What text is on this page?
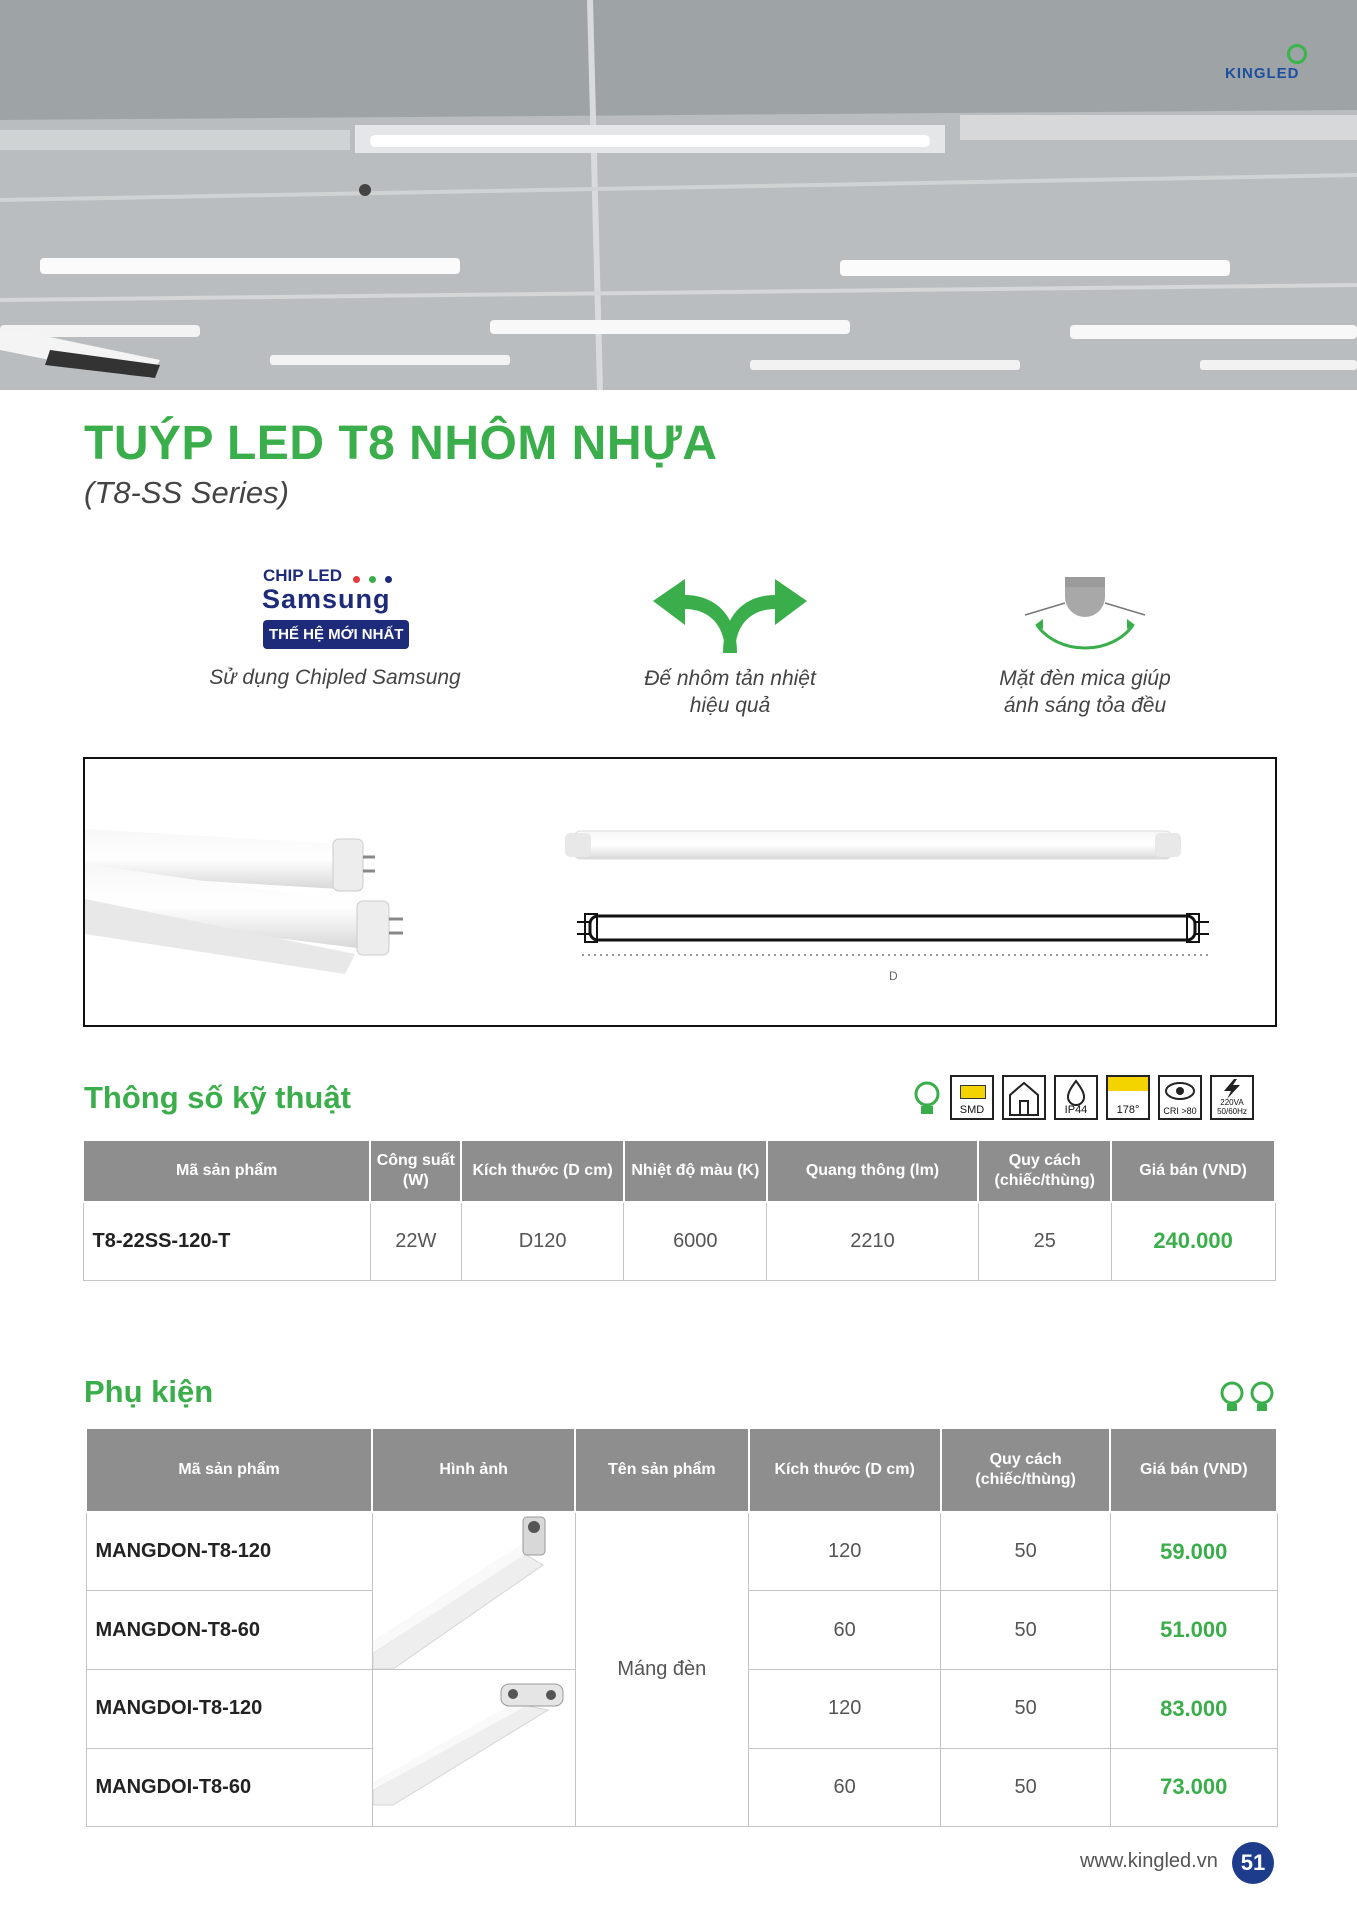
KINGLED
TUÝP LED T8 NHÔM NHỰA
(T8-SS Series)
CHIP LED
Samsung
THẾ HỆ MỚI NHẤT
Sử dụng Chipled Samsung	Đế nhôm tản nhiệt
hiệu quả
Mặt đèn mica giúp
ánh sáng tỏa đều
D
Thông số kỹ thuật	SMD	IP44	178°	CRI >80
220VA 50/60Hz
Mã sản phẩm	Công suất (W)	Kích thước (D cm)	Nhiệt độ màu (K)	Quang thông (lm)	Quy cách (chiếc/thùng)	Giá bán (VND)
T8-22SS-120-T	22W	D120	6000	2210	25	240.000
Phụ kiện
Mã sản phẩm	Hình ảnh	Tên sản phẩm	Kích thước (D cm)	Quy cách (chiếc/thùng)	Giá bán (VND)
MANGDON-T8-120		Máng đèn	120	50	59.000
MANGDON-T8-60			60	50	51.000
MANGDOI-T8-120			120	50	83.000
MANGDOI-T8-60			60	50	73.000
www.kingled.vn	51
